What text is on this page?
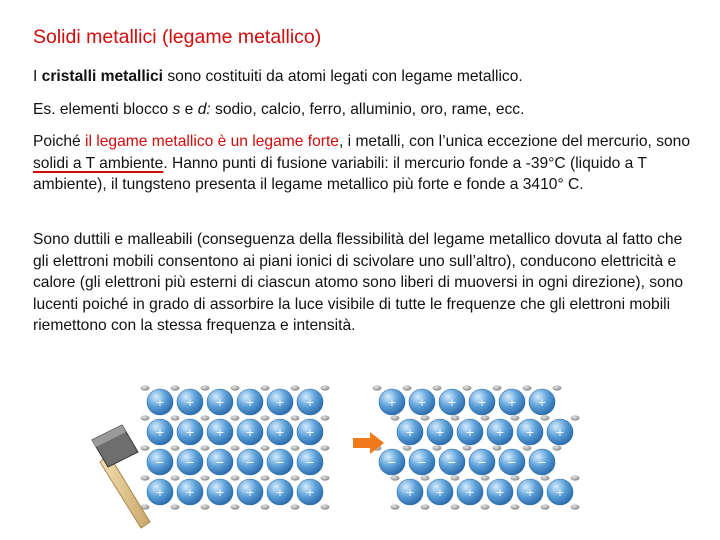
Solidi metallici (legame metallico)

I cristalli metallici sono costituiti da atomi legati con legame metallico.

Es. elementi blocco s e d: sodio, calcio, ferro, alluminio, oro, rame, ecc.

Poiché il legame metallico è un legame forte, i metalli, con l’unica eccezione del mercurio, sono solidi a T ambiente. Hanno punti di fusione variabili: il mercurio fonde a -39°C (liquido a T ambiente), il tungsteno presenta il legame metallico più forte e fonde a 3410° C.

Sono duttili e malleabili (conseguenza della flessibilità del legame metallico dovuta al fatto che gli elettroni mobili consentono ai piani ionici di scivolare uno sull’altro), conducono elettricità e calore (gli elettroni più esterni di ciascun atomo sono liberi di muoversi in ogni direzione), sono lucenti poiché in grado di assorbire la luce visibile di tutte le frequenze che gli elettroni mobili riemettono con la stessa frequenza e intensità.

+ + + + + +
+ + + + + +
− − − − − −
+ + + + + +
+ + + + + +
+ + + + + +
− − − − − −
+ + + + + +
